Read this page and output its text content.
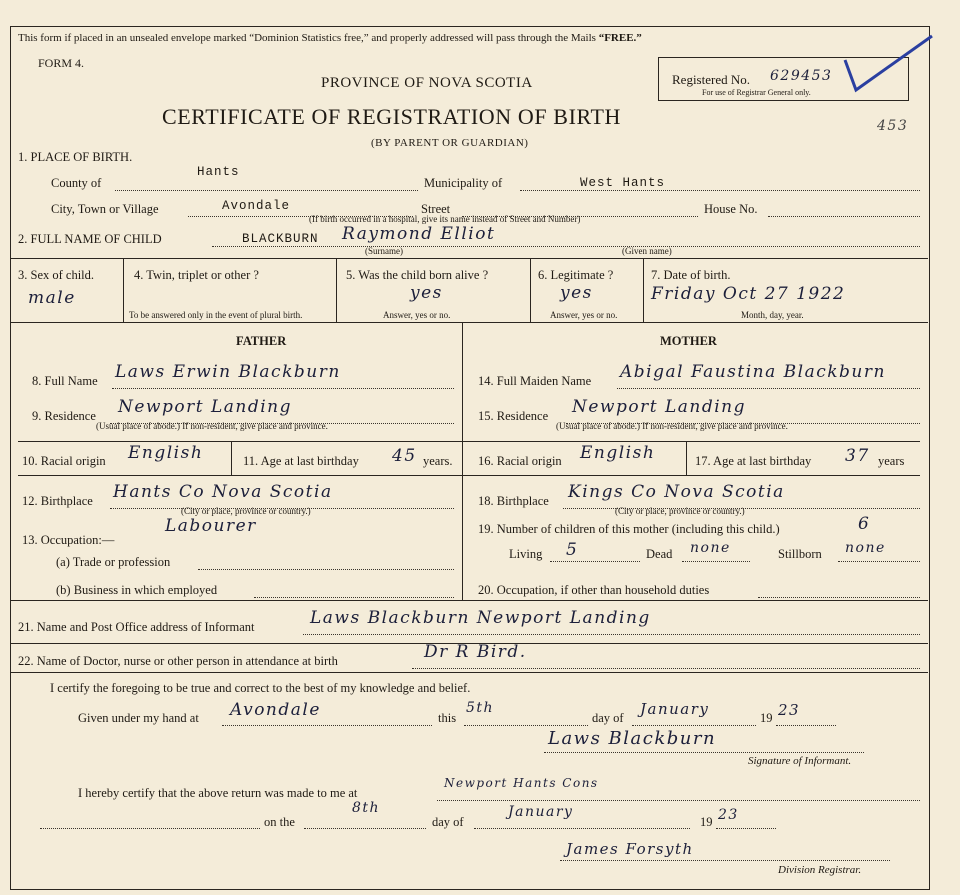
This form if placed in an unsealed envelope marked “Dominion Statistics free,” and properly addressed will pass through the Mails “FREE.”
FORM 4.
PROVINCE OF NOVA SCOTIA
CERTIFICATE OF REGISTRATION OF BIRTH
(BY PARENT OR GUARDIAN)
Registered No. 629453
For use of Registrar General only.
453
1. PLACE OF BIRTH.
County of
Hants
Municipality of	West Hants
City, Town or Village	Avondale	Street	House No.
(If birth occurred in a hospital, give its name instead of Street and Number)
2. FULL NAME OF CHILD	BLACKBURN Raymond Elliot
(Surname)	(Given name)
3. Sex of child.
male
4. Twin, triplet or other ?
To be answered only in the event of plural birth.
5. Was the child born alive ?
yes
Answer, yes or no.
6. Legitimate ?
yes
Answer, yes or no.
7. Date of birth.
Friday Oct 27 1922
Month, day, year.
FATHER	MOTHER
8. Full Name Laws Erwin Blackburn
9. Residence Newport Landing
(Usual place of abode.) If non-resident, give place and province.
10. Racial origin English	11. Age at last birthday 45 years.
12. Birthplace Hants Co Nova Scotia
(City or place, province or country.)
13. Occupation:—
Labourer
(a) Trade or profession
(b) Business in which employed
14. Full Maiden Name Abigal Faustina Blackburn
15. Residence Newport Landing
(Usual place of abode.) If non-resident, give place and province.
16. Racial origin English	17. Age at last birthday 37 years
18. Birthplace Kings Co Nova Scotia
(City or place, province or country.)
19. Number of children of this mother (including this child.)	6
Living 5	Dead none	Stillborn none
20. Occupation, if other than household duties
21. Name and Post Office address of Informant	Laws Blackburn Newport Landing
22. Name of Doctor, nurse or other person in attendance at birth	Dr R Bird.
I certify the foregoing to be true and correct to the best of my knowledge and belief.
Given under my hand at Avondale	this
5th
day of January	19 23
Laws Blackburn
Signature of Informant.
I hereby certify that the above return was made to me at
Newport Hants Cons
on the
8th
day of
January
19 23
James Forsyth
Division Registrar.
